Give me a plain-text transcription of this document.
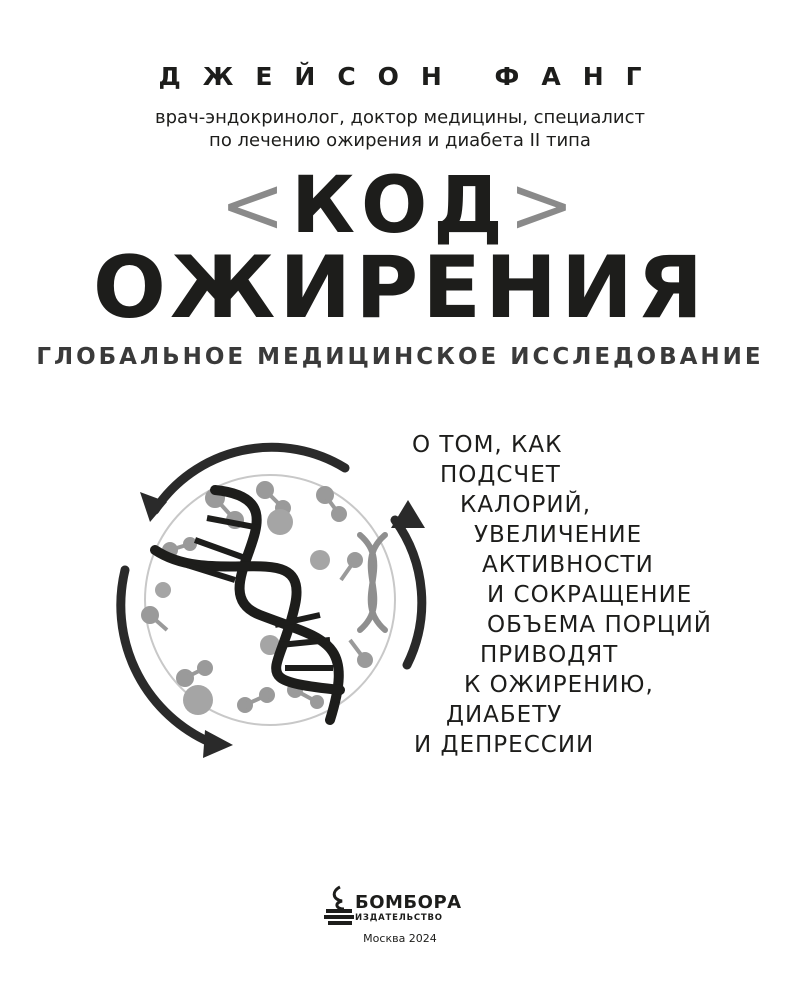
ДЖЕЙСОН ФАНГ
врач-эндокринолог, доктор медицины, специалист
по лечению ожирения и диабета II типа
<КОД>
ОЖИРЕНИЯ
ГЛОБАЛЬНОЕ МЕДИЦИНСКОЕ ИССЛЕДОВАНИЕ
О ТОМ, КАК
ПОДСЧЕТ
КАЛОРИЙ,
УВЕЛИЧЕНИЕ
АКТИВНОСТИ
И СОКРАЩЕНИЕ
ОБЪЕМА ПОРЦИЙ
ПРИВОДЯТ
К ОЖИРЕНИЮ,
ДИАБЕТУ
И ДЕПРЕССИИ
БОМБОРА
ИЗДАТЕЛЬСТВО
Москва 2024
